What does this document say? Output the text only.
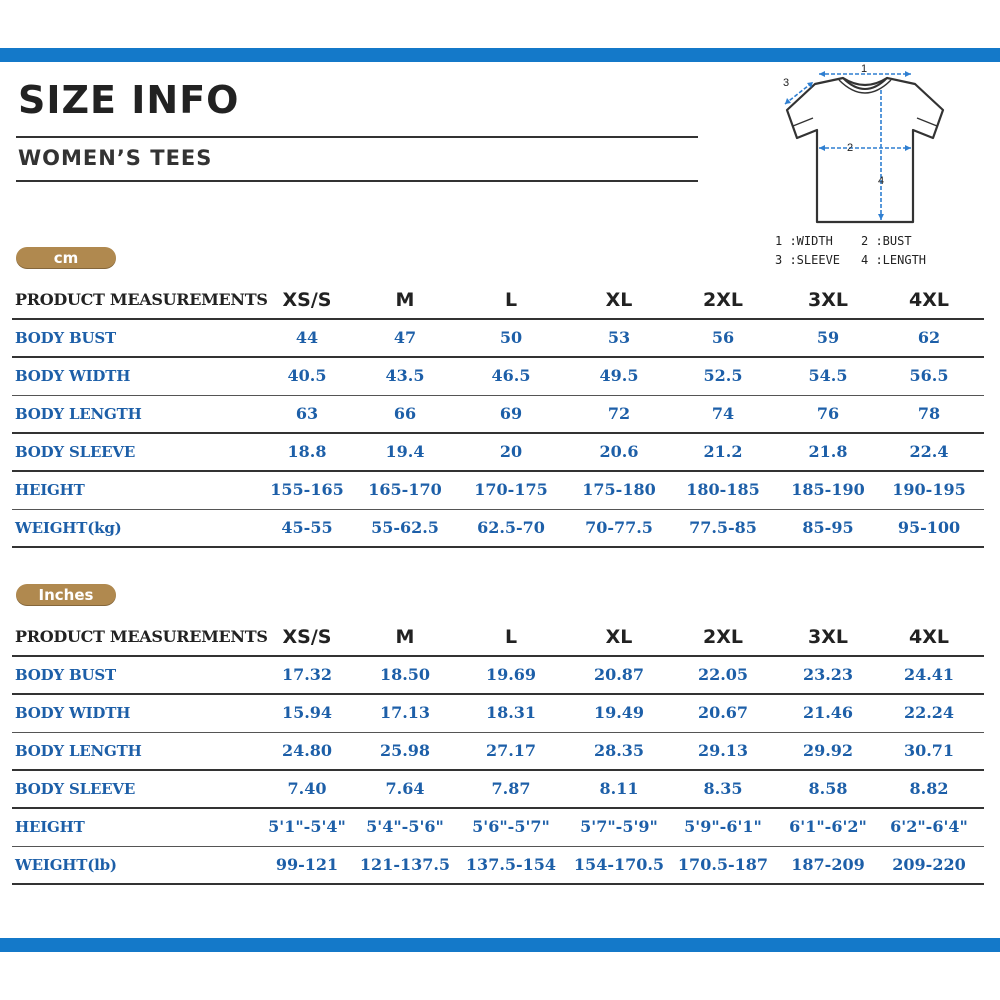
SIZE INFO
WOMEN’S TEES
1
2
3
4
1 :WIDTH 2 :BUST
3 :SLEEVE 4 :LENGTH
cm
PRODUCT MEASUREMENTS XS/S	M	L	XL	2XL	3XL	4XL
BODY BUST	44	47	50	53	56	59	62
BODY WIDTH	40.5	43.5	46.5	49.5	52.5	54.5	56.5
BODY LENGTH	63	66	69	72	74	76	78
BODY SLEEVE	18.8	19.4	20	20.6	21.2	21.8	22.4
HEIGHT	155-165	165-170	170-175	175-180	180-185	185-190	190-195
WEIGHT(kg)	45-55	55-62.5	62.5-70	70-77.5	77.5-85	85-95	95-100
Inches
PRODUCT MEASUREMENTS XS/S	M	L	XL	2XL	3XL	4XL
BODY BUST	17.32	18.50	19.69	20.87	22.05	23.23	24.41
BODY WIDTH	15.94	17.13	18.31	19.49	20.67	21.46	22.24
BODY LENGTH	24.80	25.98	27.17	28.35	29.13	29.92	30.71
BODY SLEEVE	7.40	7.64	7.87	8.11	8.35	8.58	8.82
HEIGHT	5'1"-5'4"	5'4"-5'6"	5'6"-5'7"	5'7"-5'9"	5'9"-6'1"	6'1"-6'2"	6'2"-6'4"
WEIGHT(lb)	99-121	121-137.5 137.5-154	154-170.5 170.5-187	187-209	209-220
